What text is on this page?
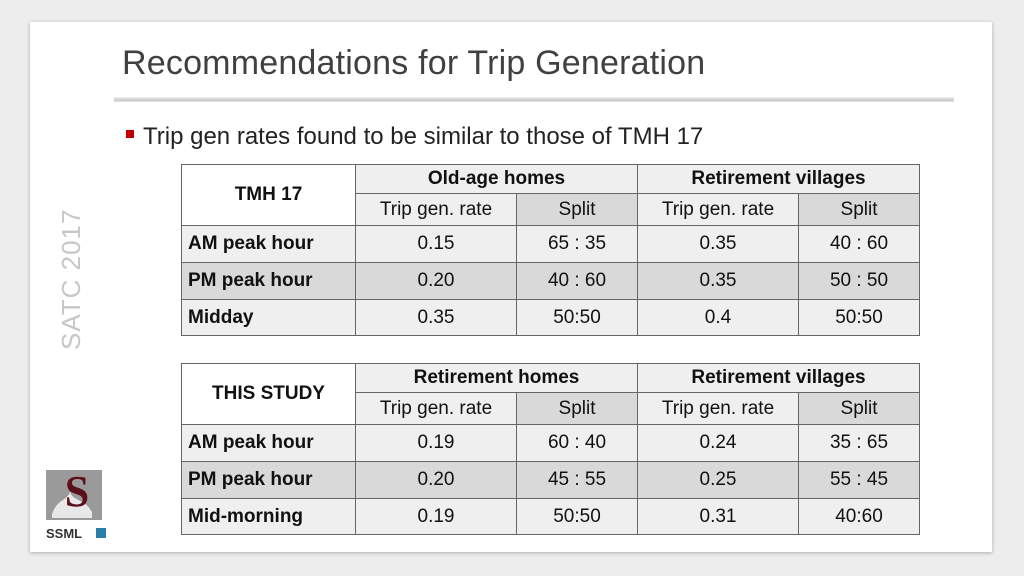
Recommendations for Trip Generation
Trip gen rates found to be similar to those of TMH 17
SATC 2017
TMH 17	Old-age homes		Retirement villages	
	Trip gen. rate	Split	Trip gen. rate	Split
AM peak hour	0.15	65 : 35	0.35	40 : 60
PM peak hour	0.20	40 : 60	0.35	50 : 50
Midday	0.35	50:50	0.4	50:50
THIS STUDY	Retirement homes		Retirement villages	
	Trip gen. rate	Split	Trip gen. rate	Split
AM peak hour	0.19	60 : 40	0.24	35 : 65
PM peak hour	0.20	45 : 55	0.25	55 : 45
Mid-morning	0.19	50:50	0.31	40:60
S
SSML
